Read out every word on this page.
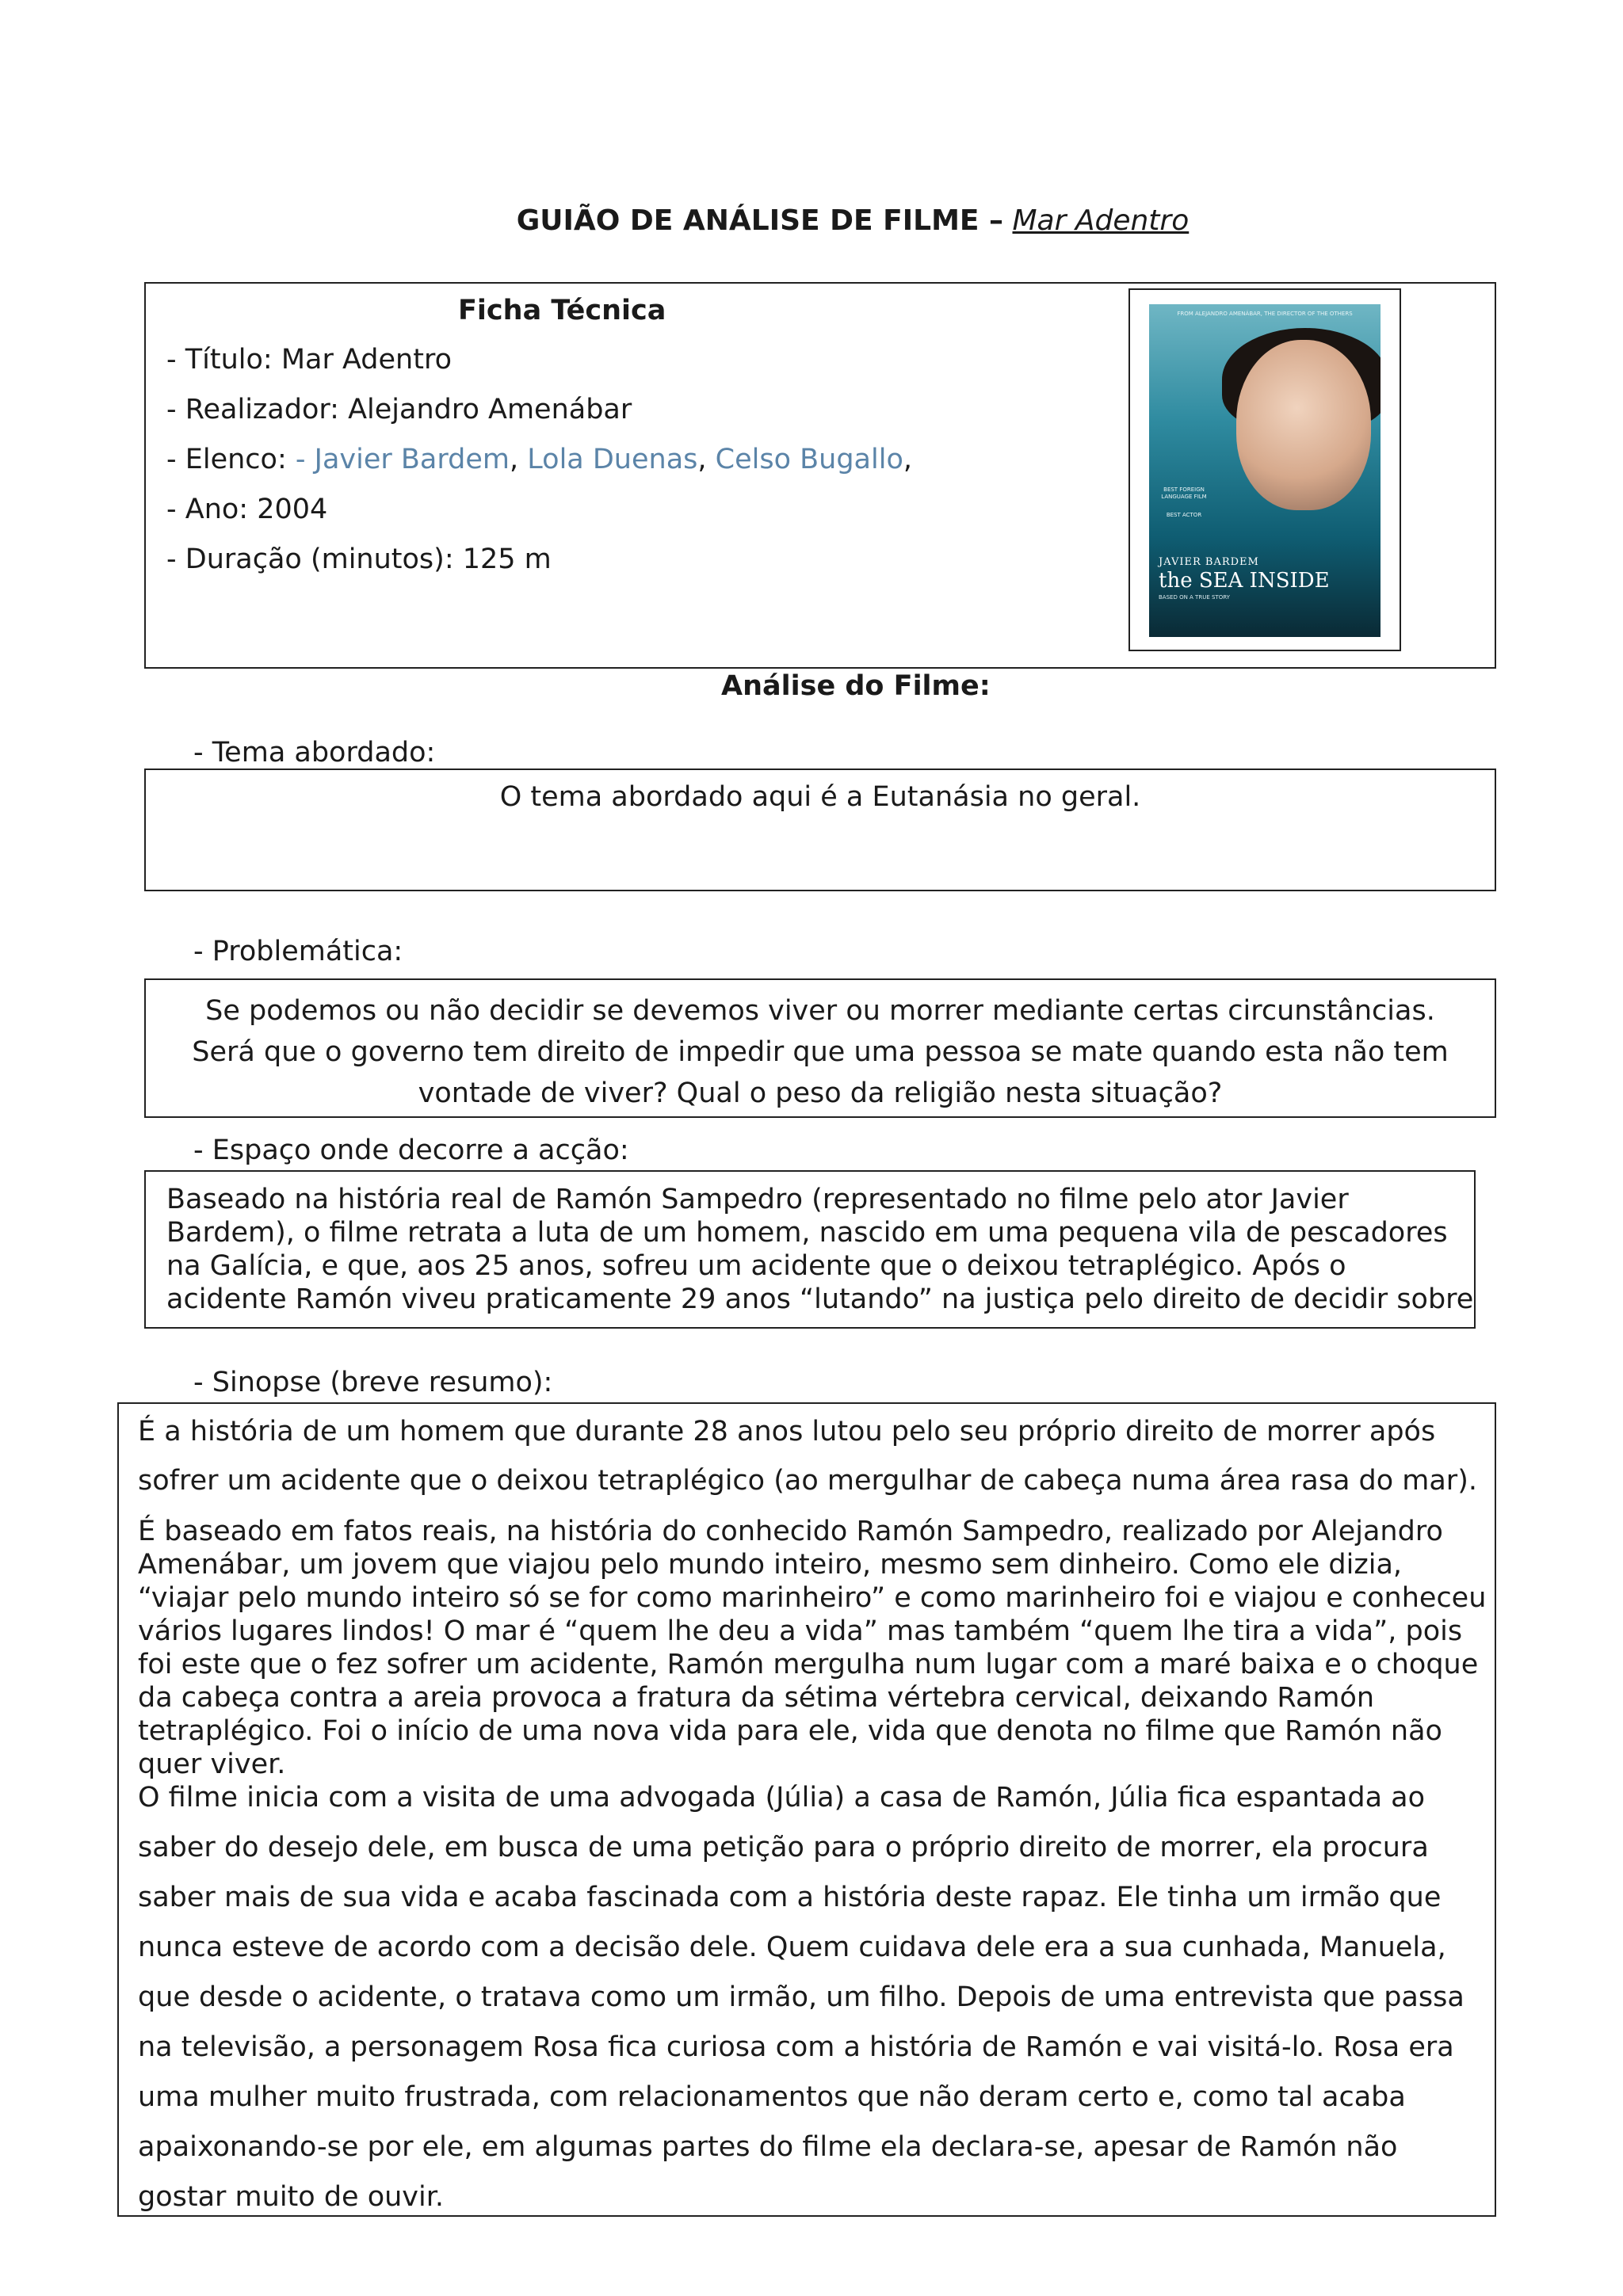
GUIÃO DE ANÁLISE DE FILME – Mar Adentro
Ficha Técnica
- Título: Mar Adentro
- Realizador: Alejandro Amenábar
- Elenco: - Javier Bardem, Lola Duenas, Celso Bugallo,
- Ano: 2004
- Duração (minutos): 125 m
FROM ALEJANDRO AMENÁBAR, THE DIRECTOR OF THE OTHERS
BEST FOREIGN LANGUAGE FILM
BEST ACTOR
JAVIER BARDEM
the SEA INSIDE
BASED ON A TRUE STORY
Análise do Filme:
- Tema abordado:
O tema abordado aqui é a Eutanásia no geral.
- Problemática:
Se podemos ou não decidir se devemos viver ou morrer mediante certas circunstâncias.
Será que o governo tem direito de impedir que uma pessoa se mate quando esta não tem
vontade de viver? Qual o peso da religião nesta situação?
- Espaço onde decorre a acção:
Baseado na história real de Ramón Sampedro (representado no filme pelo ator Javier
Bardem), o filme retrata a luta de um homem, nascido em uma pequena vila de pescadores
na Galícia, e que, aos 25 anos, sofreu um acidente que o deixou tetraplégico. Após o
acidente Ramón viveu praticamente 29 anos “lutando” na justiça pelo direito de decidir sobre
- Sinopse (breve resumo):
É a história de um homem que durante 28 anos lutou pelo seu próprio direito de morrer após
sofrer um acidente que o deixou tetraplégico (ao mergulhar de cabeça numa área rasa do mar).
É baseado em fatos reais, na história do conhecido Ramón Sampedro, realizado por Alejandro
Amenábar, um jovem que viajou pelo mundo inteiro, mesmo sem dinheiro. Como ele dizia,
“viajar pelo mundo inteiro só se for como marinheiro” e como marinheiro foi e viajou e conheceu
vários lugares lindos! O mar é “quem lhe deu a vida” mas também “quem lhe tira a vida”, pois
foi este que o fez sofrer um acidente, Ramón mergulha num lugar com a maré baixa e o choque
da cabeça contra a areia provoca a fratura da sétima vértebra cervical, deixando Ramón
tetraplégico. Foi o início de uma nova vida para ele, vida que denota no filme que Ramón não
quer viver.
O filme inicia com a visita de uma advogada (Júlia) a casa de Ramón, Júlia fica espantada ao
saber do desejo dele, em busca de uma petição para o próprio direito de morrer, ela procura
saber mais de sua vida e acaba fascinada com a história deste rapaz. Ele tinha um irmão que
nunca esteve de acordo com a decisão dele. Quem cuidava dele era a sua cunhada, Manuela,
que desde o acidente, o tratava como um irmão, um filho. Depois de uma entrevista que passa
na televisão, a personagem Rosa fica curiosa com a história de Ramón e vai visitá-lo. Rosa era
uma mulher muito frustrada, com relacionamentos que não deram certo e, como tal acaba
apaixonando-se por ele, em algumas partes do filme ela declara-se, apesar de Ramón não
gostar muito de ouvir.
